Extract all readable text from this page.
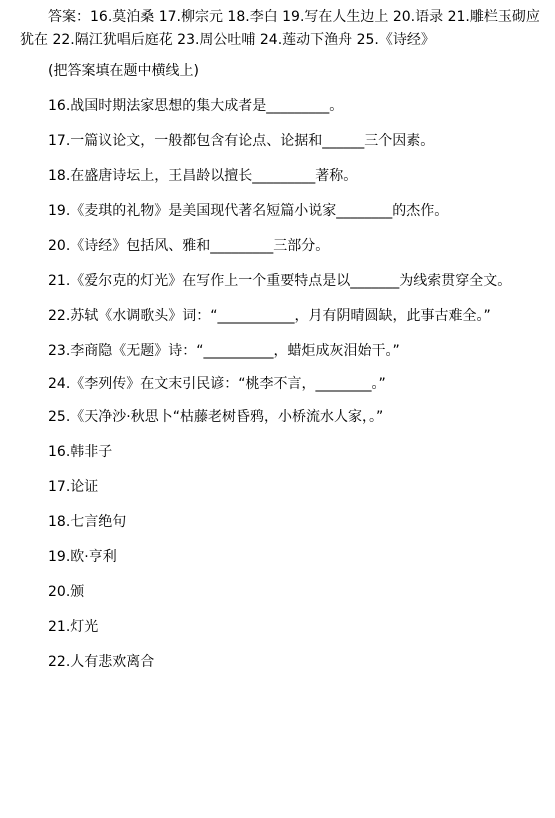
答案：16.莫泊桑 17.柳宗元 18.李白 19.写在人生边上 20.语录 21.雕栏玉砌应犹在 22.隔江犹唱后庭花 23.周公吐哺 24.莲动下渔舟 25.《诗经》

(把答案填在题中横线上)

16.战国时期法家思想的集大成者是_________。

17.一篇议论文，一般都包含有论点、论据和______三个因素。

18.在盛唐诗坛上，王昌龄以擅长_________著称。

19.《麦琪的礼物》是美国现代著名短篇小说家________的杰作。

20.《诗经》包括风、雅和_________三部分。

21.《爱尔克的灯光》在写作上一个重要特点是以_______为线索贯穿全文。

22.苏轼《水调歌头》词：“___________，月有阴晴圆缺，此事古难全。”

23.李商隐《无题》诗：“__________，蜡炬成灰泪始干。”

24.《李列传》在文末引民谚：“桃李不言，________。”

25.《天净沙·秋思卜“枯藤老树昏鸦，小桥流水人家，。”

16.韩非子

17.论证

18.七言绝句

19.欧·亨利

20.颁

21.灯光

22.人有悲欢离合
